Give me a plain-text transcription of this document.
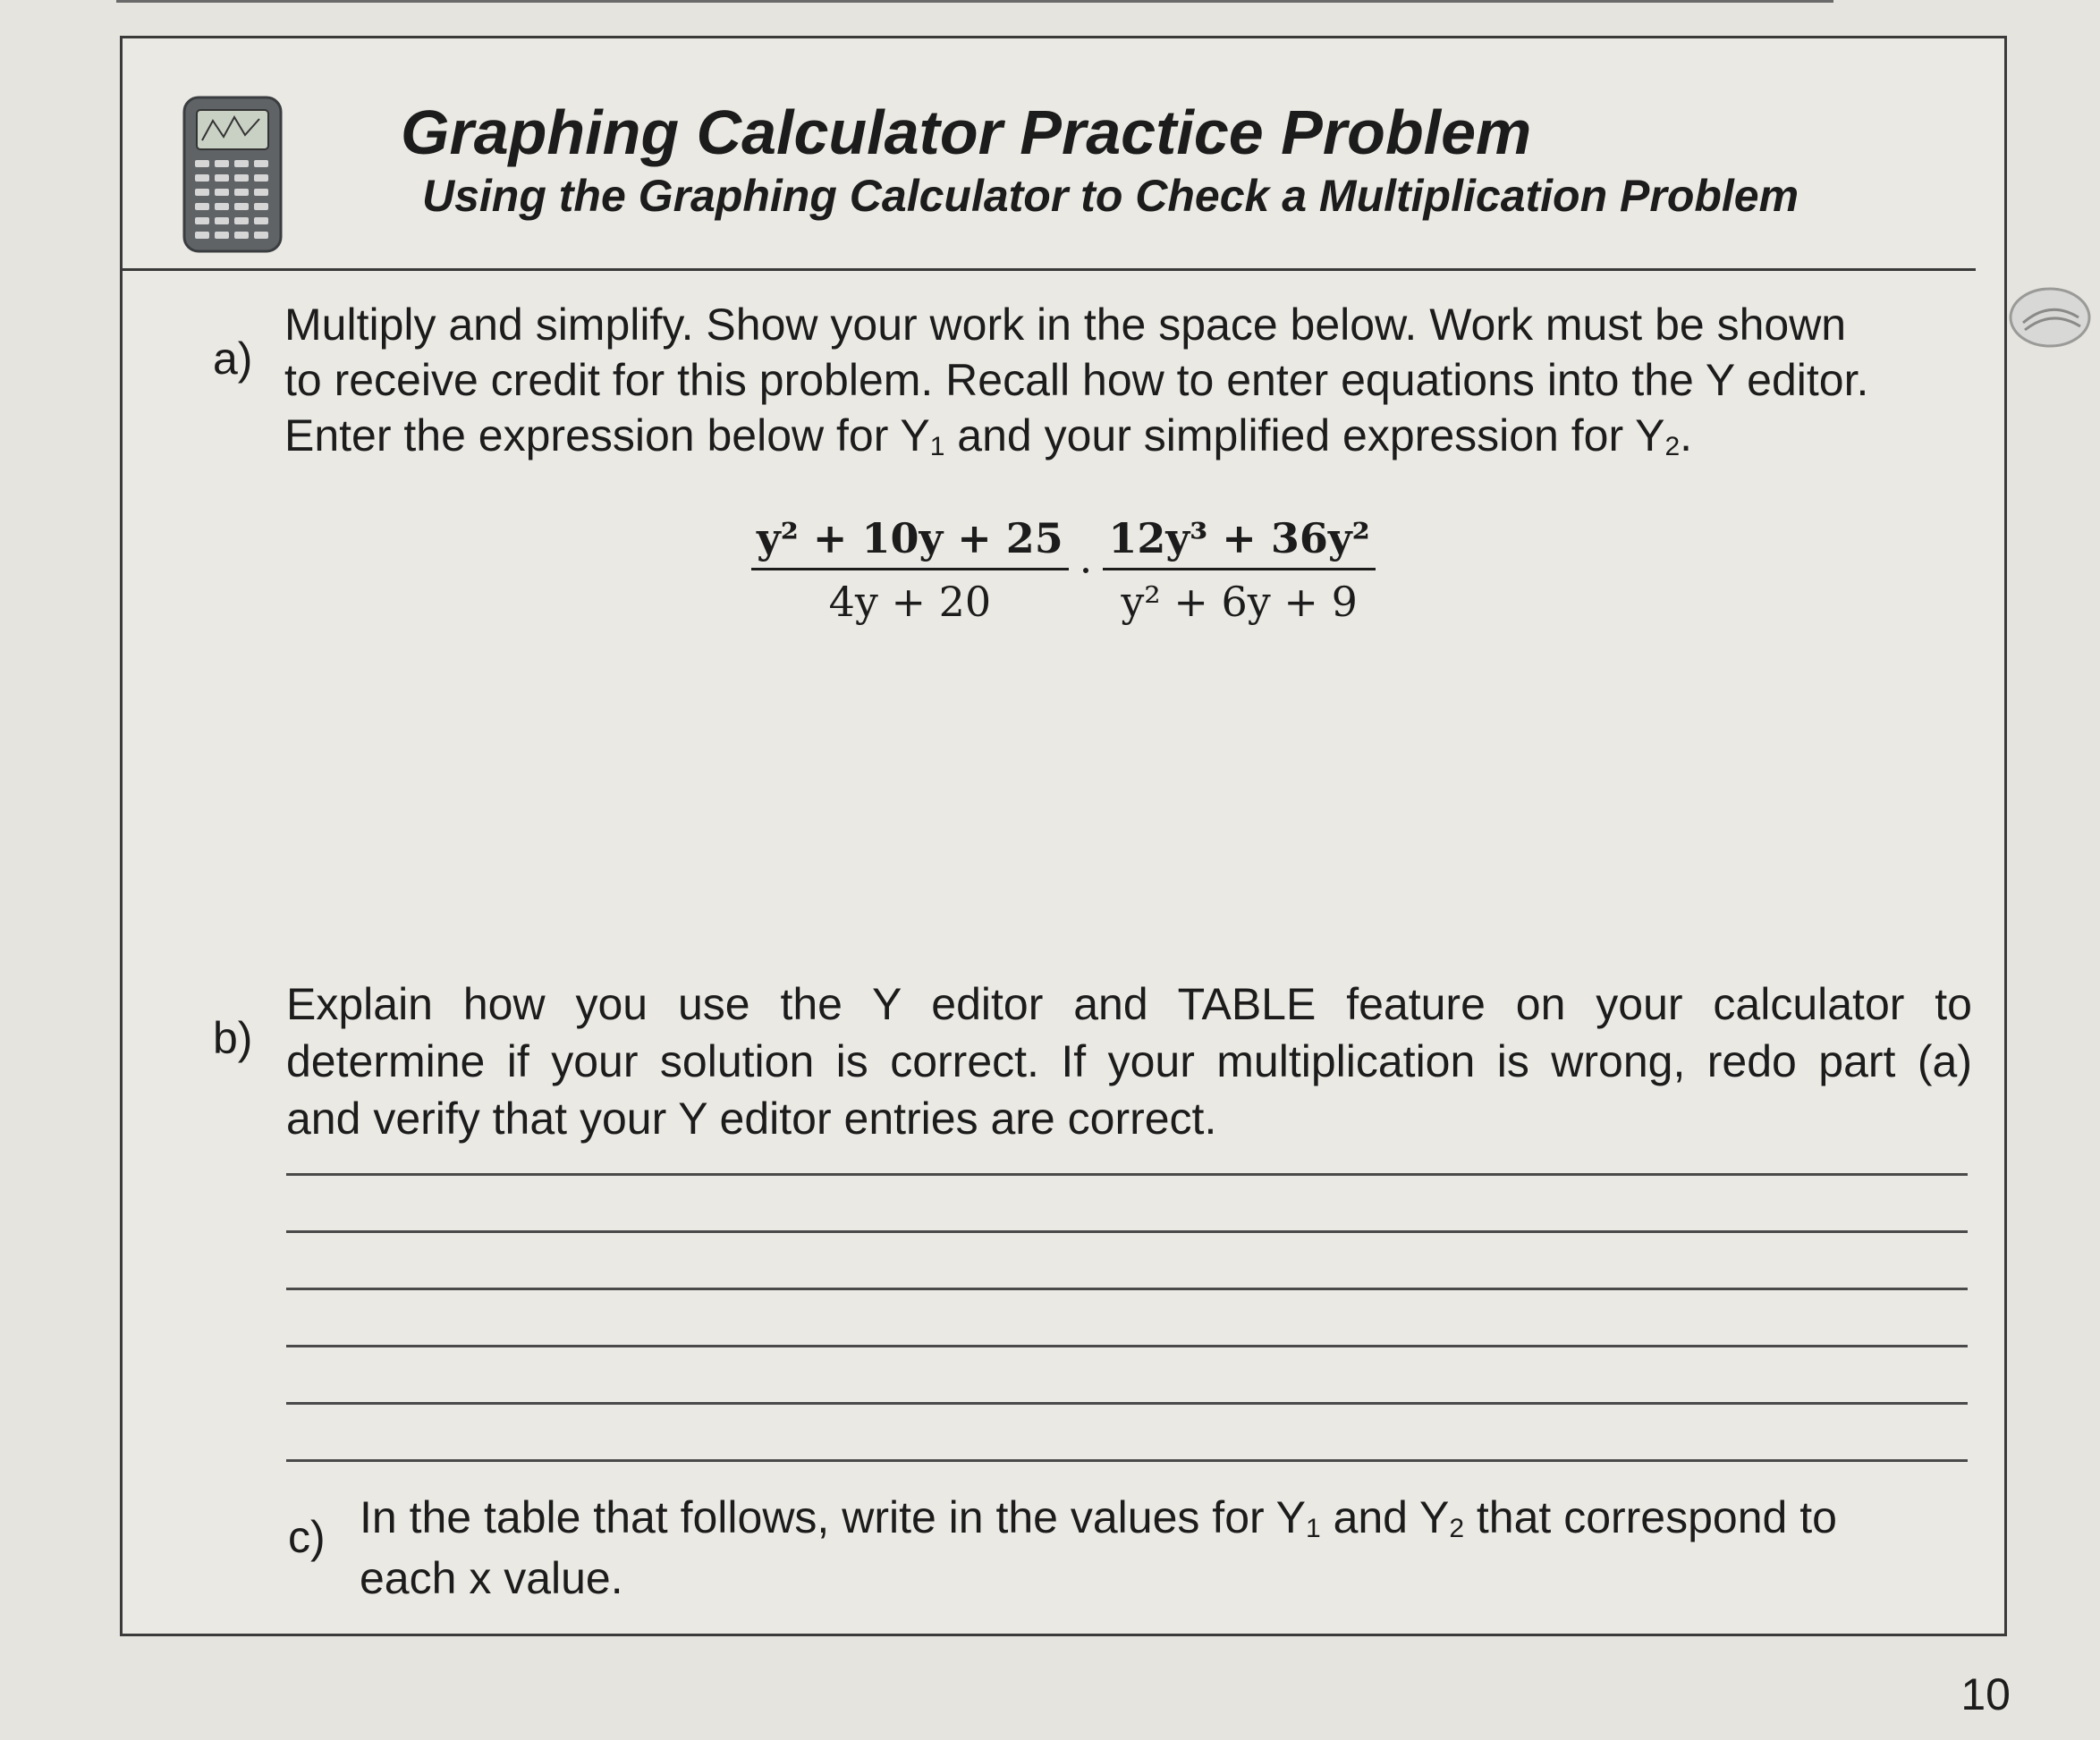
Graphing Calculator Practice Problem
Using the Graphing Calculator to Check a Multiplication Problem
a)

Multiply and simplify. Show your work in the space below. Work must be shown

to receive credit for this problem. Recall how to enter equations into the Y editor.

Enter the expression below for Y1 and your simplified expression for Y2.

$\frac{\text{y² + 10y + 25}}{4y + 20} \cdot \frac{\text{12y³ + 36y²}}{\text{y² + 6y + 9}}$
b)

Explain how you use the Y editor and TABLE feature on your calculator to

determine if your solution is correct. If your multiplication is wrong, redo part (a)

and verify that your Y editor entries are correct.

c) In the table that follows, write in the values for Y1 and Y2 that correspond to

each x value.

10
